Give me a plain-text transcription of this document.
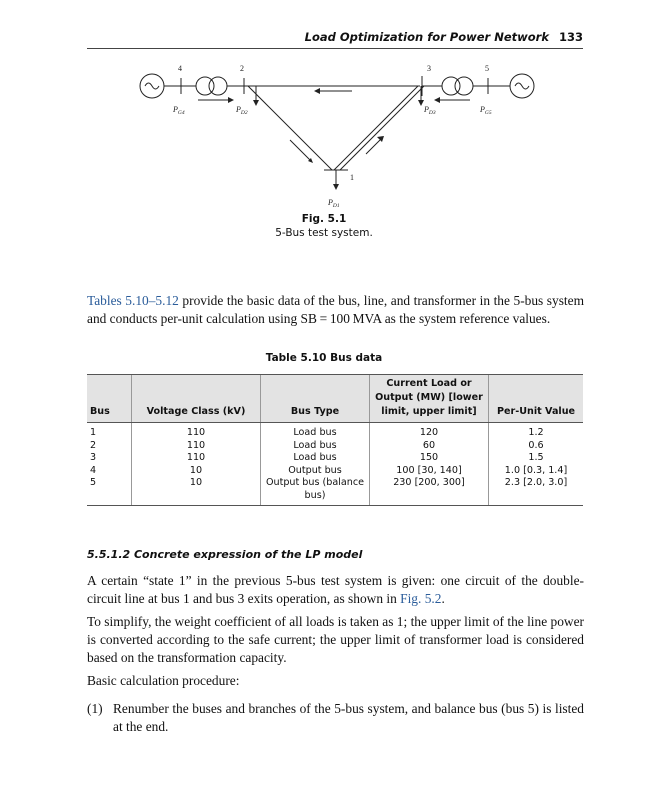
Load Optimization for Power Network 133
4	2	3	5
1
$P_{G4}$	$P_{D2}$	$P_{D3}$	$P_{G5}$
$P_{D1}$
Fig. 5.1
5-Bus test system.
Tables 5.10–5.12 provide the basic data of the bus, line, and transformer in the 5-bus system and conducts per-unit calculation using SB = 100 MVA as the system reference values.
Table 5.10 Bus data
Bus	Voltage Class (kV)	Bus Type	Current Load or Output (MW) [lower limit, upper limit]	Per-Unit Value
1	110	Load bus	120	1.2
2	110	Load bus	60	0.6
3	110	Load bus	150	1.5
4	10	Output bus	100 [30, 140]	1.0 [0.3, 1.4]
5	10	Output bus (balance bus)	230 [200, 300]	2.3 [2.0, 3.0]
5.5.1.2 Concrete expression of the LP model
A certain “state 1” in the previous 5-bus test system is given: one circuit of the double-circuit line at bus 1 and bus 3 exits operation, as shown in Fig. 5.2.
To simplify, the weight coefficient of all loads is taken as 1; the upper limit of the line power is converted according to the safe current; the upper limit of transformer load is considered based on the transformation capacity.
Basic calculation procedure:
(1) Renumber the buses and branches of the 5-bus system, and balance bus (bus 5) is listed at the end.
